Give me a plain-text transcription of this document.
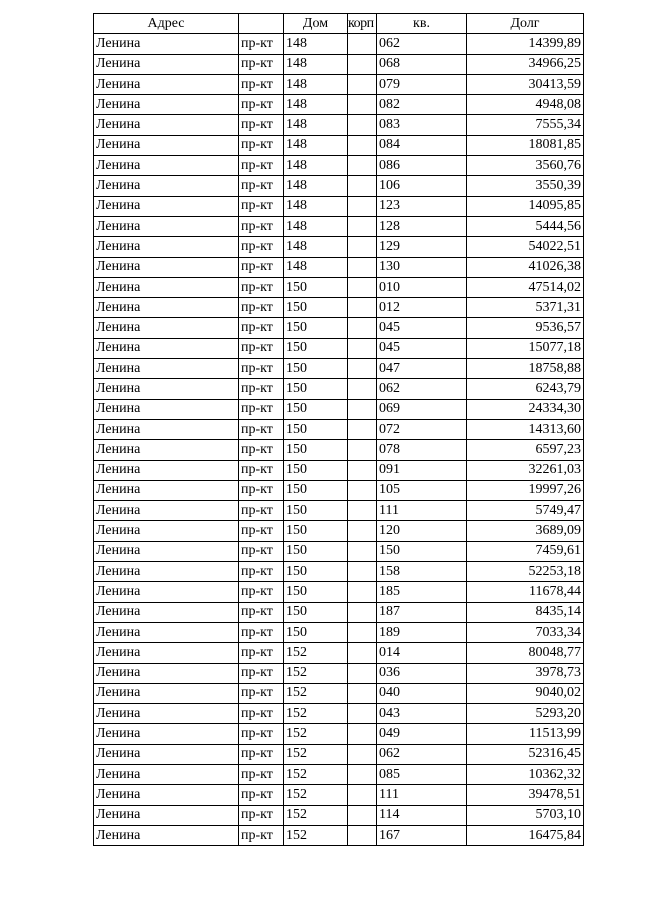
Адрес		Дом	корп	кв.	Долг
Ленина	пр-кт	148		062	14399,89
Ленина	пр-кт	148		068	34966,25
Ленина	пр-кт	148		079	30413,59
Ленина	пр-кт	148		082	4948,08
Ленина	пр-кт	148		083	7555,34
Ленина	пр-кт	148		084	18081,85
Ленина	пр-кт	148		086	3560,76
Ленина	пр-кт	148		106	3550,39
Ленина	пр-кт	148		123	14095,85
Ленина	пр-кт	148		128	5444,56
Ленина	пр-кт	148		129	54022,51
Ленина	пр-кт	148		130	41026,38
Ленина	пр-кт	150		010	47514,02
Ленина	пр-кт	150		012	5371,31
Ленина	пр-кт	150		045	9536,57
Ленина	пр-кт	150		045	15077,18
Ленина	пр-кт	150		047	18758,88
Ленина	пр-кт	150		062	6243,79
Ленина	пр-кт	150		069	24334,30
Ленина	пр-кт	150		072	14313,60
Ленина	пр-кт	150		078	6597,23
Ленина	пр-кт	150		091	32261,03
Ленина	пр-кт	150		105	19997,26
Ленина	пр-кт	150		111	5749,47
Ленина	пр-кт	150		120	3689,09
Ленина	пр-кт	150		150	7459,61
Ленина	пр-кт	150		158	52253,18
Ленина	пр-кт	150		185	11678,44
Ленина	пр-кт	150		187	8435,14
Ленина	пр-кт	150		189	7033,34
Ленина	пр-кт	152		014	80048,77
Ленина	пр-кт	152		036	3978,73
Ленина	пр-кт	152		040	9040,02
Ленина	пр-кт	152		043	5293,20
Ленина	пр-кт	152		049	11513,99
Ленина	пр-кт	152		062	52316,45
Ленина	пр-кт	152		085	10362,32
Ленина	пр-кт	152		111	39478,51
Ленина	пр-кт	152		114	5703,10
Ленина	пр-кт	152		167	16475,84
